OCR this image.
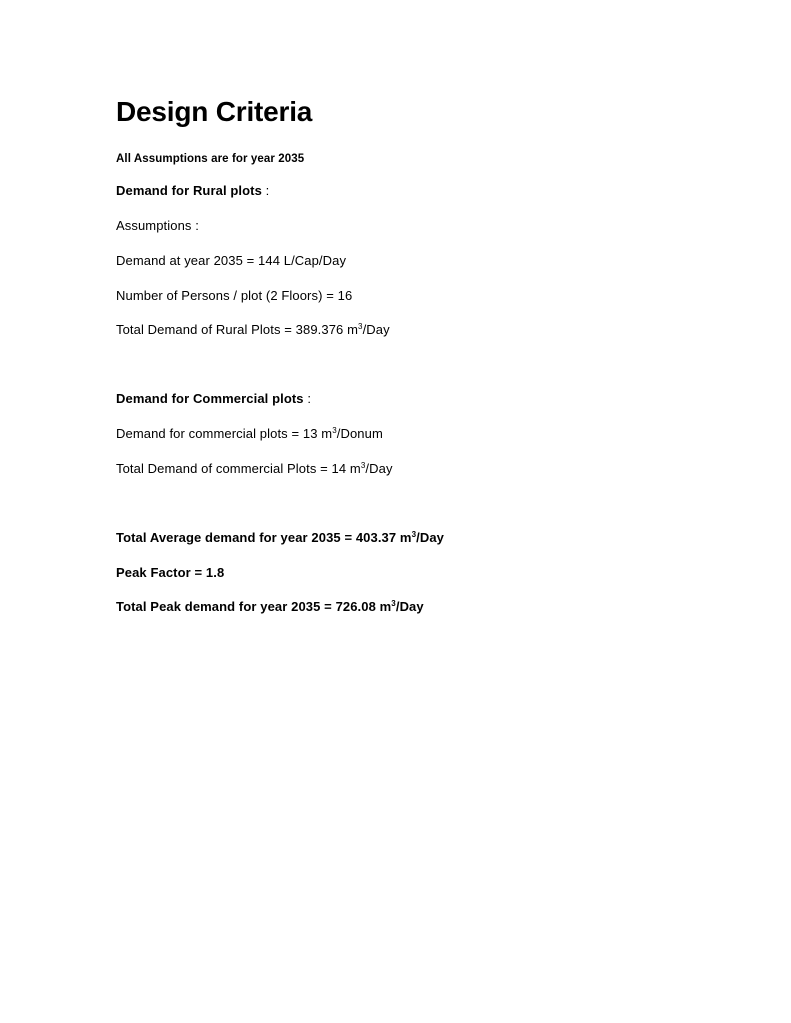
Design Criteria
All Assumptions are for year 2035
Demand for Rural plots :
Assumptions :
Demand at year 2035 = 144 L/Cap/Day
Number of Persons / plot (2 Floors) = 16
Total Demand of Rural Plots = 389.376 $m^3$/Day
Demand for Commercial plots :
Demand for commercial plots = 13 $m^3$/Donum
Total Demand of commercial Plots = 14 $m^3$/Day
Total Average demand for year 2035 = 403.37 $m^3$/Day
Peak Factor = 1.8
Total Peak demand for year 2035 = 726.08 $m^3$/Day
